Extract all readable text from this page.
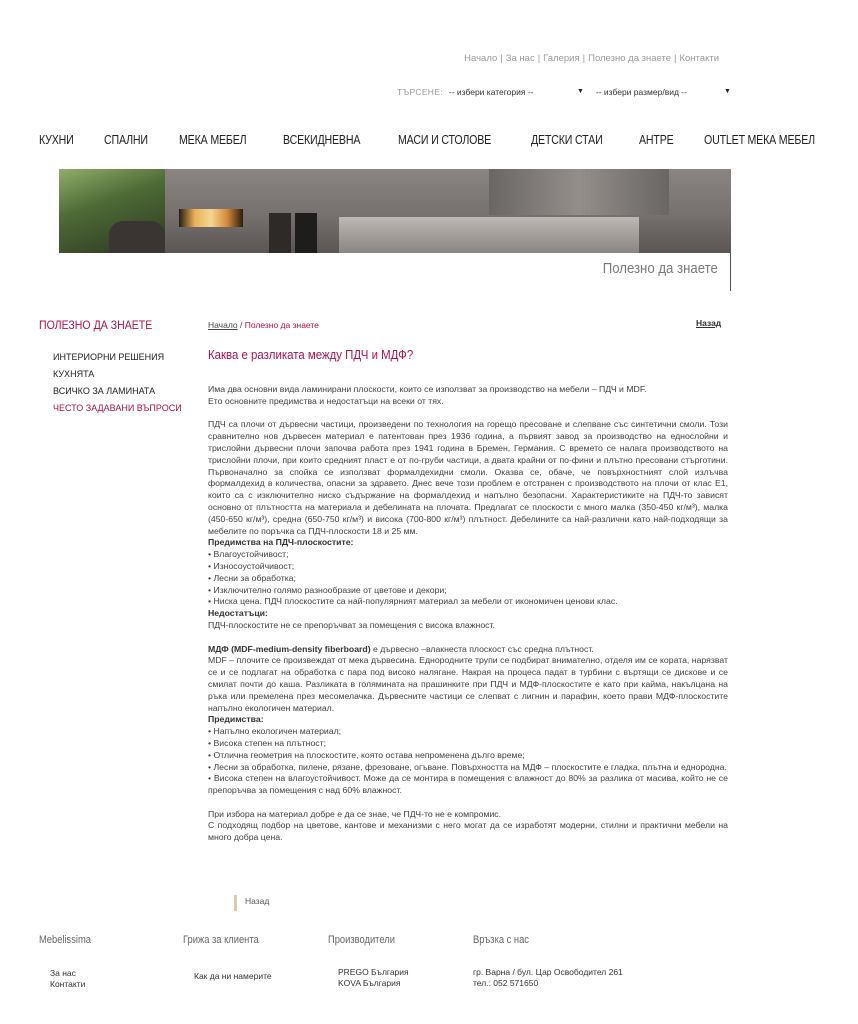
Начало | За нас | Галерия | Полезно да знаете | Контакти
ТЪРСЕНЕ: -- избери категория --	▼ -- избери размер/вид --	▼
КУХНИ СПАЛНИ	МЕКА МЕБЕЛ	ВСЕКИДНЕВНА	МАСИ И СТОЛОВЕ	ДЕТСКИ СТАИ	АНТРЕ OUTLET МЕКА МЕБЕЛ
Полезно да знаете
ПОЛЕЗНО ДА ЗНАЕТЕ
ИНТЕРИОРНИ РЕШЕНИЯ
КУХНЯТА
ВСИЧКО ЗА ЛАМИНАТА
ЧЕСТО ЗАДАВАНИ ВЪПРОСИ
Начало / Полезно да знаете	Назад
Каква е разликата между ПДЧ и МДФ?

Има два основни вида ламинирани плоскости, които се използват за производство на мебели – ПДЧ и MDF.

Ето основните предимства и недостатъци на всеки от тях.

ПДЧ са плочи от дървесни частици, произведени по технология на горещо пресоване и слепване със синтетични смоли. Този сравнително нов дървесен материал е патентован през 1936 година, а първият завод за производство на еднослойни и трислойни дървесни плочи започва работа през 1941 година в Бремен, Германия. С времето се налага производството на трислойни плочи, при които средният пласт е от по-груби частици, а двата крайни от по-фини и плътно пресовани стърготини. Първоначално за спойка се използват формалдехидни смоли. Оказва се, обаче, че повърхностният слой излъчва формалдехид в количества, опасни за здравето. Днес вече този проблем е отстранен с производството на плочи от клас Е1, които са с изключително ниско съдържание на формалдехид и напълно безопасни. Характеристиките на ПДЧ-то зависят основно от плътността на материала и дебелината на плочата. Предлагат се плоскости с много малка (350-450 кг/м³), малка (450-650 кг/м³), средна (650-750 кг/м³) и висока (700-800 кг/м³) плътност. Дебелините са най-различни като най-подходящи за мебелите по поръчка са ПДЧ-плоскости 18 и 25 мм.

Предимства на ПДЧ-плоскостите:

• Влагоустойчивост;

• Износоустойчивост;

• Лесни за обработка;

• Изключително голямо разнообразие от цветове и декори;

• Ниска цена. ПДЧ плоскостите са най-популярният материал за мебели от икономичен ценови клас.

Недостатъци:

ПДЧ-плоскостите не се препоръчват за помещения с висока влажност.

МДФ (MDF-medium-density fiberboard) е дървесно –влакнеста плоскост със средна плътност.

MDF – плочите се произвеждат от мека дървесина. Еднородните трупи се подбират внимателно, отделя им се кората, нарязват се и се подлагат на обработка с пара под високо налягане. Накрая на процеса падат в турбини с въртящи се дискове и се смилат почти до каша. Разликата в голямината на прашинките при ПДЧ и МДФ-плоскостите е като при кайма, накълцана на ръка или премелена през месомелачка. Дървесните частици се слепват с лигнин и парафин, което прави МДФ-плоскостите напълно екологичен материал.

Предимства:

• Напълно екологичен материал;

• Висока степен на плътност;

• Отлична геометрия на плоскостите, която остава непроменена дълго време;

• Лесни за обработка, пилене, рязане, фрезоване, огъване. Повърхността на МДФ – плоскостите е гладка, плътна и еднородна.

• Висока степен на влагоустойчивост. Може да се монтира в помещения с влажност до 80% за разлика от масива, който не се препоръчва за помещения с над 60% влажност.

При избора на материал добре е да се знае, че ПДЧ-то не е компромис.

С подходящ подбор на цветове, кантове и механизми с него могат да се изработят модерни, стилни и практични мебели на много добра цена.

Назад
Mebelissima
За нас
Контакти
Грижа за клиента
Как да ни намерите
Производители
PREGO България
KOVA България
Връзка с нас
гр. Варна / бул. Цар Освободител 261
тел.: 052 571650
